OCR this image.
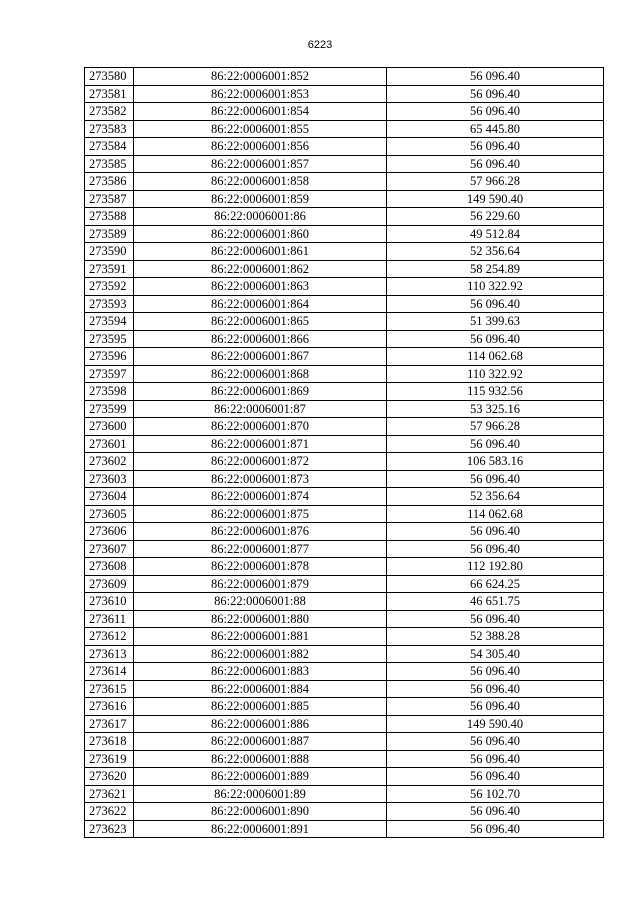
6223
273580	86:22:0006001:852	56 096.40
273581	86:22:0006001:853	56 096.40
273582	86:22:0006001:854	56 096.40
273583	86:22:0006001:855	65 445.80
273584	86:22:0006001:856	56 096.40
273585	86:22:0006001:857	56 096.40
273586	86:22:0006001:858	57 966.28
273587	86:22:0006001:859	149 590.40
273588	86:22:0006001:86	56 229.60
273589	86:22:0006001:860	49 512.84
273590	86:22:0006001:861	52 356.64
273591	86:22:0006001:862	58 254.89
273592	86:22:0006001:863	110 322.92
273593	86:22:0006001:864	56 096.40
273594	86:22:0006001:865	51 399.63
273595	86:22:0006001:866	56 096.40
273596	86:22:0006001:867	114 062.68
273597	86:22:0006001:868	110 322.92
273598	86:22:0006001:869	115 932.56
273599	86:22:0006001:87	53 325.16
273600	86:22:0006001:870	57 966.28
273601	86:22:0006001:871	56 096.40
273602	86:22:0006001:872	106 583.16
273603	86:22:0006001:873	56 096.40
273604	86:22:0006001:874	52 356.64
273605	86:22:0006001:875	114 062.68
273606	86:22:0006001:876	56 096.40
273607	86:22:0006001:877	56 096.40
273608	86:22:0006001:878	112 192.80
273609	86:22:0006001:879	66 624.25
273610	86:22:0006001:88	46 651.75
273611	86:22:0006001:880	56 096.40
273612	86:22:0006001:881	52 388.28
273613	86:22:0006001:882	54 305.40
273614	86:22:0006001:883	56 096.40
273615	86:22:0006001:884	56 096.40
273616	86:22:0006001:885	56 096.40
273617	86:22:0006001:886	149 590.40
273618	86:22:0006001:887	56 096.40
273619	86:22:0006001:888	56 096.40
273620	86:22:0006001:889	56 096.40
273621	86:22:0006001:89	56 102.70
273622	86:22:0006001:890	56 096.40
273623	86:22:0006001:891	56 096.40
